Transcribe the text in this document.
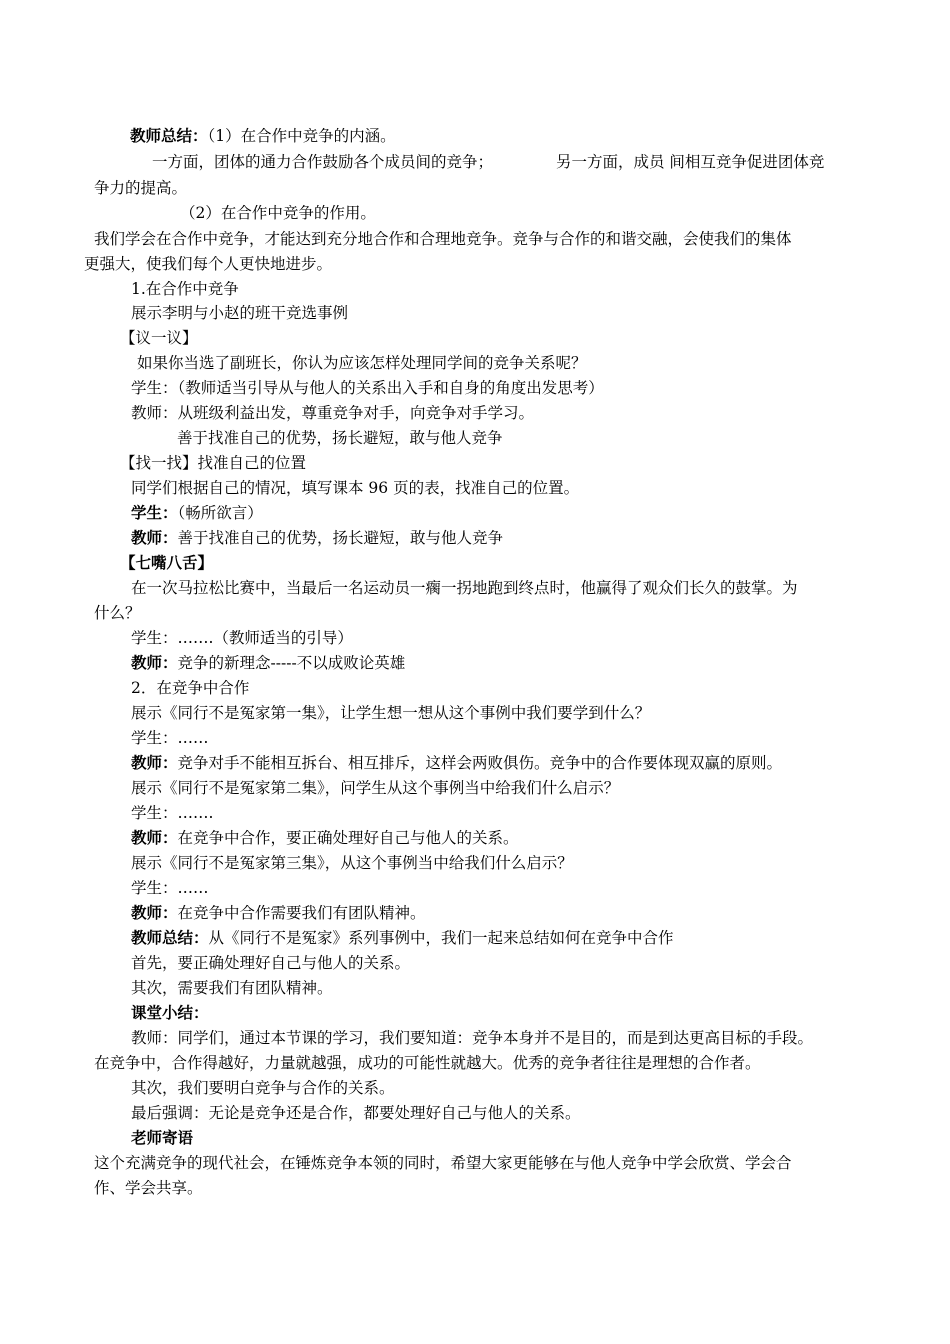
教师总结：（1）在合作中竞争的内涵。
一方面，团体的通力合作鼓励各个成员间的竞争；	另一方面，成员 间相互竞争促进团体竞
争力的提高。
（2）在合作中竞争的作用。
我们学会在合作中竞争，才能达到充分地合作和合理地竞争。竞争与合作的和谐交融，会使我们的集体
更强大，使我们每个人更快地进步。
1.在合作中竞争
展示李明与小赵的班干竞选事例
【议一议】
如果你当选了副班长，你认为应该怎样处理同学间的竞争关系呢？
学生：（教师适当引导从与他人的关系出入手和自身的角度出发思考）
教师：从班级利益出发，尊重竞争对手，向竞争对手学习。
善于找准自己的优势，扬长避短，敢与他人竞争
【找一找】找准自己的位置
同学们根据自己的情况，填写课本 96 页的表，找准自己的位置。
学生：（畅所欲言）
教师：善于找准自己的优势，扬长避短，敢与他人竞争
【七嘴八舌】
在一次马拉松比赛中，当最后一名运动员一瘸一拐地跑到终点时，他赢得了观众们长久的鼓掌。为
什么？
学生：…….（教师适当的引导）
教师：竞争的新理念-----不以成败论英雄
2．在竞争中合作
展示《同行不是冤家第一集》，让学生想一想从这个事例中我们要学到什么？
学生：……
教师：竞争对手不能相互拆台、相互排斥，这样会两败俱伤。竞争中的合作要体现双赢的原则。
展示《同行不是冤家第二集》，问学生从这个事例当中给我们什么启示？
学生：…….
教师：在竞争中合作，要正确处理好自己与他人的关系。
展示《同行不是冤家第三集》，从这个事例当中给我们什么启示？
学生：……
教师：在竞争中合作需要我们有团队精神。
教师总结：从《同行不是冤家》系列事例中，我们一起来总结如何在竞争中合作
首先，要正确处理好自己与他人的关系。
其次，需要我们有团队精神。
课堂小结：
教师：同学们，通过本节课的学习，我们要知道：竞争本身并不是目的，而是到达更高目标的手段。
在竞争中，合作得越好，力量就越强，成功的可能性就越大。优秀的竞争者往往是理想的合作者。
其次，我们要明白竞争与合作的关系。
最后强调：无论是竞争还是合作，都要处理好自己与他人的关系。
老师寄语
这个充满竞争的现代社会，在锤炼竞争本领的同时，希望大家更能够在与他人竞争中学会欣赏、学会合
作、学会共享。
